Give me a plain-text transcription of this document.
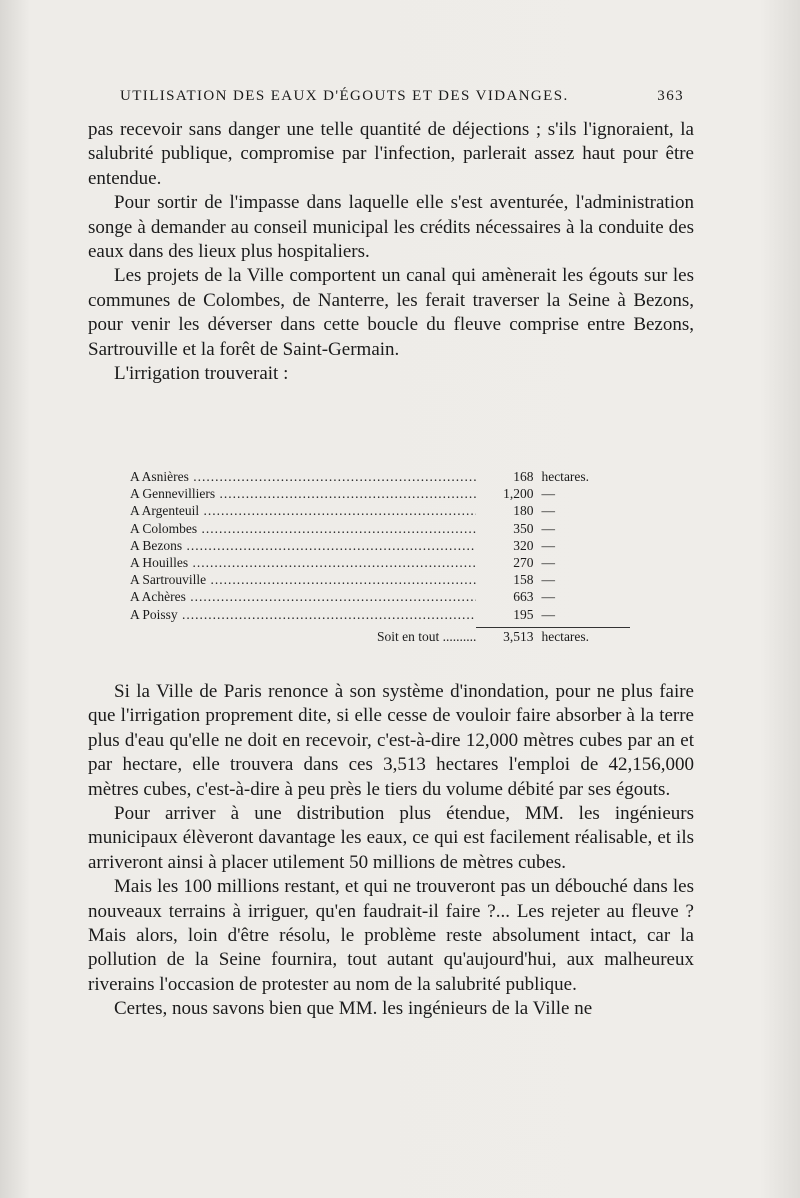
UTILISATION DES EAUX D'ÉGOUTS ET DES VIDANGES.	363

pas recevoir sans danger une telle quantité de déjections ; s'ils l'ignoraient, la salubrité publique, compromise par l'infection, parlerait assez haut pour être entendue.

Pour sortir de l'impasse dans laquelle elle s'est aventurée, l'administration songe à demander au conseil municipal les crédits nécessaires à la conduite des eaux dans des lieux plus hospitaliers.

Les projets de la Ville comportent un canal qui amènerait les égouts sur les communes de Colombes, de Nanterre, les ferait traverser la Seine à Bezons, pour venir les déverser dans cette boucle du fleuve comprise entre Bezons, Sartrouville et la forêt de Saint-Germain.

L'irrigation trouverait :

A Asnières .....	168 hectares.
A Gennevilliers .....	1,200 —
A Argenteuil .....	180 —
A Colombes .....	350 —
A Bezons .....	320 —
A Houilles .....	270 —
A Sartrouville .....	158 —
A Achères .....	663 —
A Poissy .....	195 —
Soit en tout .....	3,513 hectares.

Si la Ville de Paris renonce à son système d'inondation, pour ne plus faire que l'irrigation proprement dite, si elle cesse de vouloir faire absorber à la terre plus d'eau qu'elle ne doit en recevoir, c'est-à-dire 12,000 mètres cubes par an et par hectare, elle trouvera dans ces 3,513 hectares l'emploi de 42,156,000 mètres cubes, c'est-à-dire à peu près le tiers du volume débité par ses égouts.

Pour arriver à une distribution plus étendue, MM. les ingénieurs municipaux élèveront davantage les eaux, ce qui est facilement réalisable, et ils arriveront ainsi à placer utilement 50 millions de mètres cubes.

Mais les 100 millions restant, et qui ne trouveront pas un débouché dans les nouveaux terrains à irriguer, qu'en faudrait-il faire ?... Les rejeter au fleuve ? Mais alors, loin d'être résolu, le problème reste absolument intact, car la pollution de la Seine fournira, tout autant qu'aujourd'hui, aux malheureux riverains l'occasion de protester au nom de la salubrité publique.

Certes, nous savons bien que MM. les ingénieurs de la Ville ne
